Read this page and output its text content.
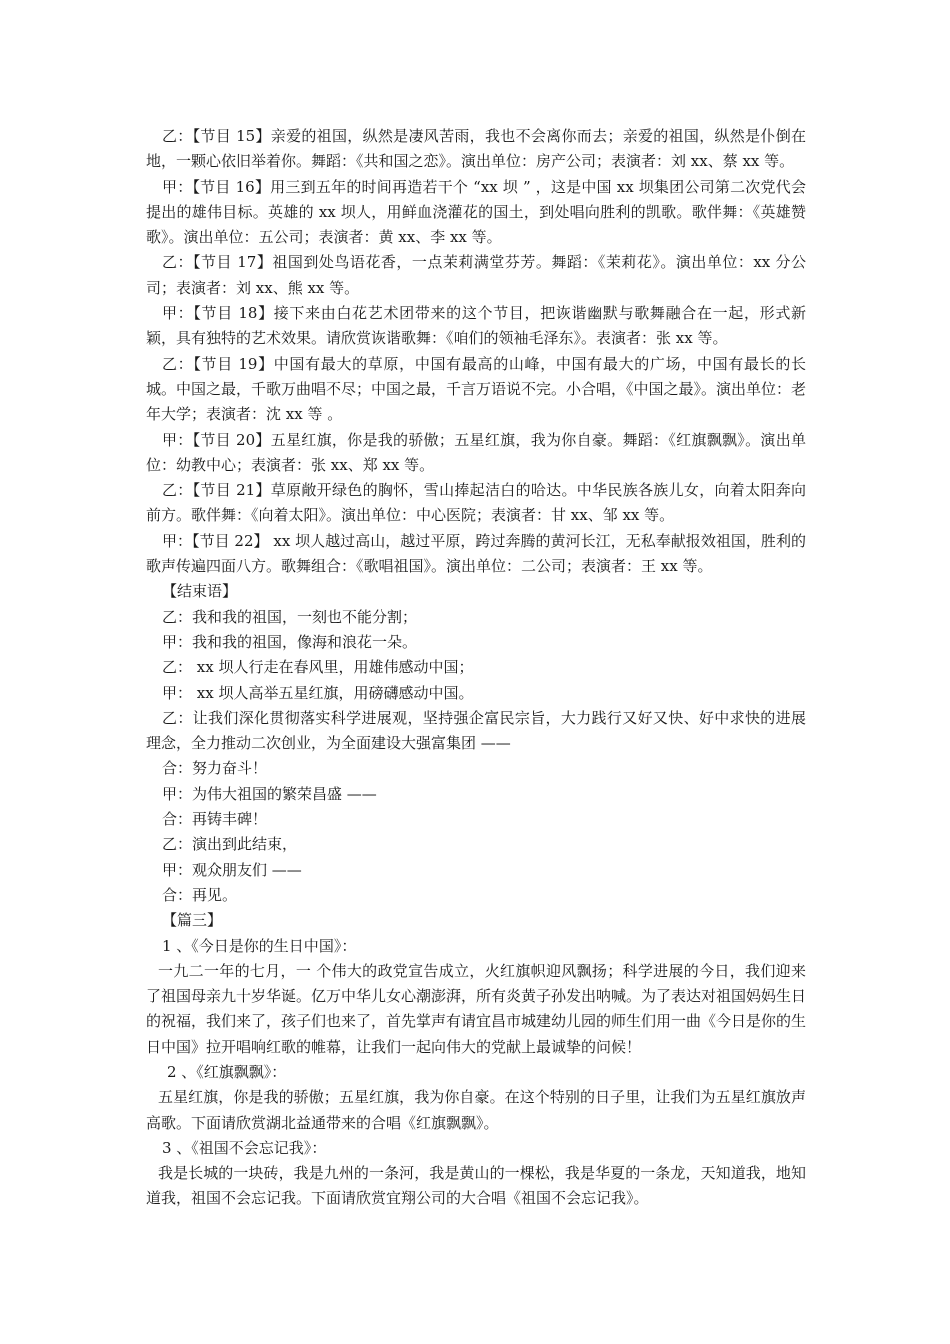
乙：【节目 15】亲爱的祖国，纵然是凄风苦雨，我也不会离你而去；亲爱的祖国，纵然是仆倒在地，一颗心依旧举着你。舞蹈：《共和国之恋》。演出单位：房产公司；表演者：刘 xx、蔡 xx 等。

甲：【节目 16】用三到五年的时间再造若干个 “xx 坝 ” ，这是中国 xx 坝集团公司第二次党代会提出的雄伟目标。英雄的 xx 坝人，用鲜血浇灌花的国土，到处唱向胜利的凯歌。歌伴舞：《英雄赞歌》。演出单位：五公司；表演者：黄 xx、李 xx 等。

乙：【节目 17】祖国到处鸟语花香，一点茉莉满堂芬芳。舞蹈：《茉莉花》。演出单位：xx 分公司；表演者：刘 xx、熊 xx 等。

甲：【节目 18】接下来由白花艺术团带来的这个节目，把诙谐幽默与歌舞融合在一起，形式新颖，具有独特的艺术效果。请欣赏诙谐歌舞：《咱们的领袖毛泽东》。表演者：张 xx 等。

乙：【节目 19】中国有最大的草原，中国有最高的山峰，中国有最大的广场，中国有最长的长城。中国之最，千歌万曲唱不尽；中国之最，千言万语说不完。小合唱，《中国之最》。演出单位：老年大学；表演者：沈 xx 等 。

甲：【节目 20】五星红旗，你是我的骄傲；五星红旗，我为你自豪。舞蹈：《红旗飘飘》。演出单位：幼教中心；表演者：张 xx、郑 xx 等。

乙：【节目 21】草原敞开绿色的胸怀，雪山捧起洁白的哈达。中华民族各族儿女，向着太阳奔向前方。歌伴舞：《向着太阳》。演出单位：中心医院；表演者：甘 xx、邹 xx 等。

甲：【节目 22】 xx 坝人越过高山，越过平原，跨过奔腾的黄河长江，无私奉献报效祖国，胜利的歌声传遍四面八方。歌舞组合：《歌唱祖国》。演出单位：二公司；表演者：王 xx 等。

【结束语】

乙：我和我的祖国，一刻也不能分割；

甲：我和我的祖国，像海和浪花一朵。

乙： xx 坝人行走在春风里，用雄伟感动中国；

甲： xx 坝人高举五星红旗，用磅礴感动中国。

乙：让我们深化贯彻落实科学进展观，坚持强企富民宗旨，大力践行又好又快、好中求快的进展理念，全力推动二次创业，为全面建设大强富集团 ——

合：努力奋斗！

甲：为伟大祖国的繁荣昌盛 ——

合：再铸丰碑！

乙：演出到此结束，

甲：观众朋友们 ——

合：再见。

【篇三】

1 、《今日是你的生日中国》：

一九二一年的七月，一 个伟大的政党宣告成立，火红旗帜迎风飘扬；科学进展的今日，我们迎来了祖国母亲九十岁华诞。亿万中华儿女心潮澎湃，所有炎黄子孙发出呐喊。为了表达对祖国妈妈生日的祝福，我们来了，孩子们也来了，首先掌声有请宜昌市城建幼儿园的师生们用一曲《今日是你的生日中国》拉开唱响红歌的帷幕，让我们一起向伟大的党献上最诚挚的问候！

2 、《红旗飘飘》：

五星红旗，你是我的骄傲；五星红旗，我为你自豪。在这个特别的日子里，让我们为五星红旗放声高歌。下面请欣赏湖北益通带来的合唱《红旗飘飘》。

3 、《祖国不会忘记我》：

我是长城的一块砖，我是九州的一条河，我是黄山的一棵松，我是华夏的一条龙，天知道我，地知道我，祖国不会忘记我。下面请欣赏宜翔公司的大合唱《祖国不会忘记我》。
